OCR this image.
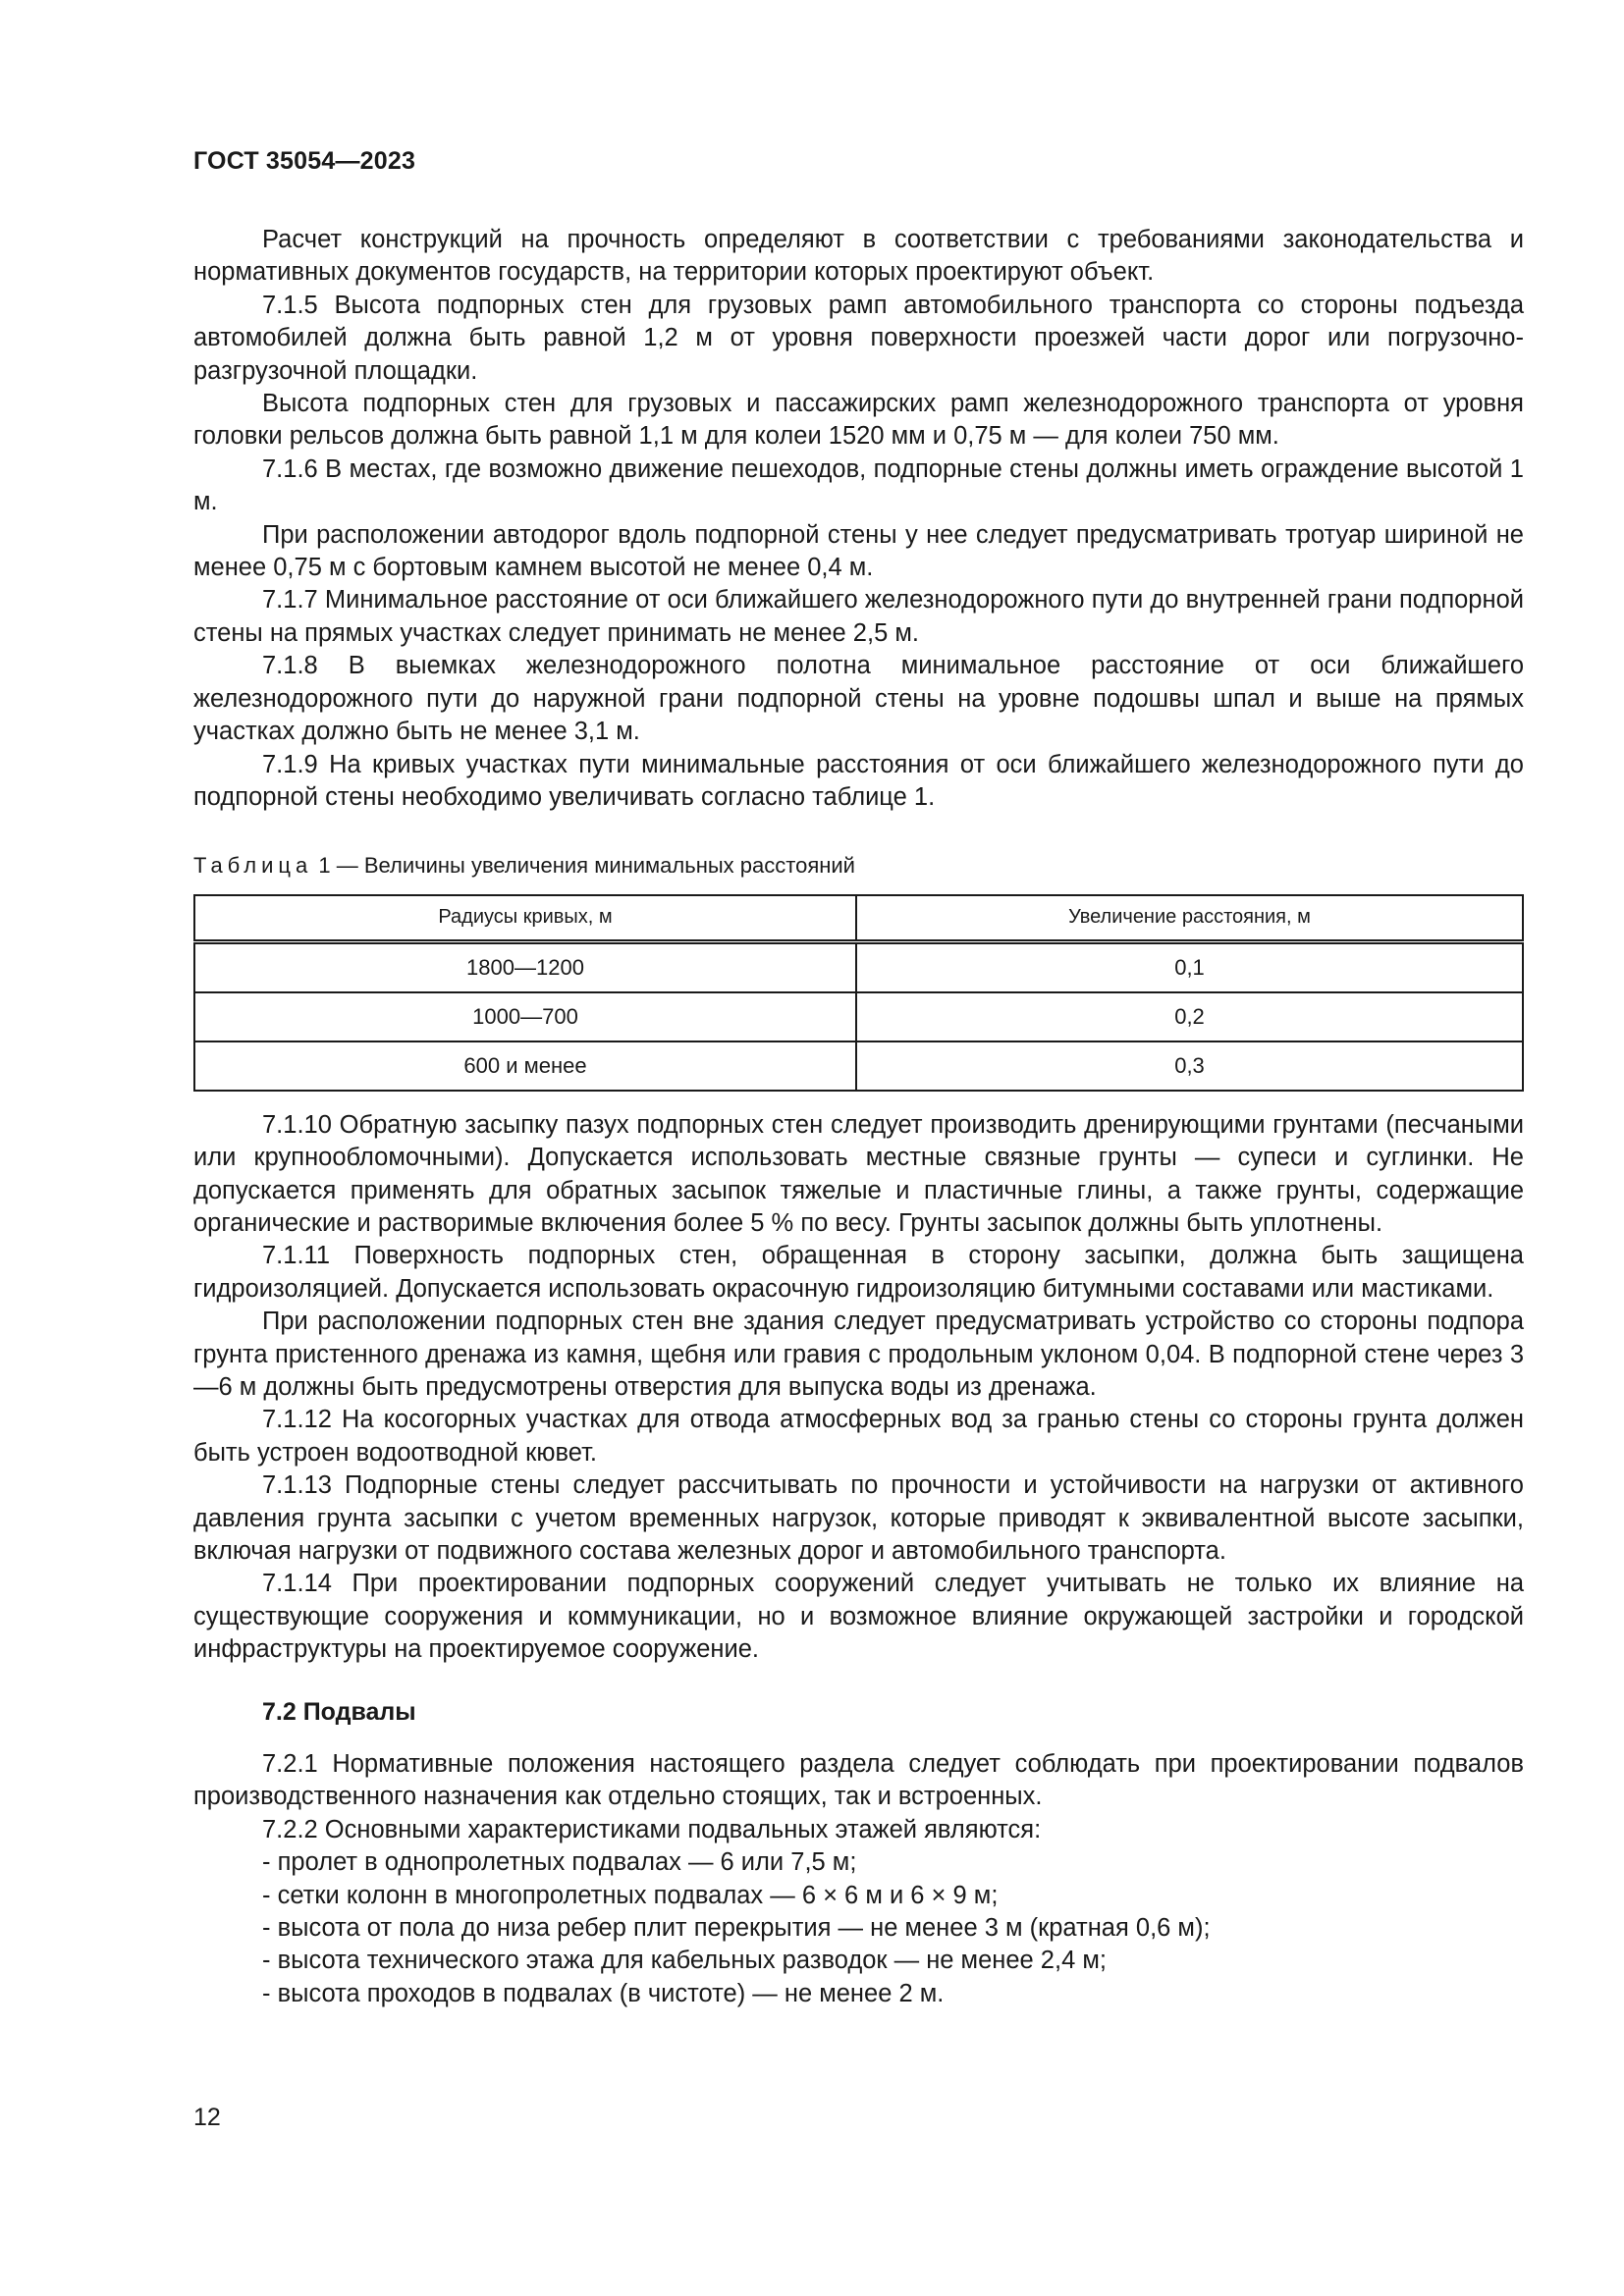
ГОСТ 35054—2023

Расчет конструкций на прочность определяют в соответствии с требованиями законодательства и нормативных документов государств, на территории которых проектируют объект.

7.1.5 Высота подпорных стен для грузовых рамп автомобильного транспорта со стороны подъезда автомобилей должна быть равной 1,2 м от уровня поверхности проезжей части дорог или погрузочно-разгрузочной площадки.

Высота подпорных стен для грузовых и пассажирских рамп железнодорожного транспорта от уровня головки рельсов должна быть равной 1,1 м для колеи 1520 мм и 0,75 м — для колеи 750 мм.

7.1.6 В местах, где возможно движение пешеходов, подпорные стены должны иметь ограждение высотой 1 м.

При расположении автодорог вдоль подпорной стены у нее следует предусматривать тротуар шириной не менее 0,75 м с бортовым камнем высотой не менее 0,4 м.

7.1.7 Минимальное расстояние от оси ближайшего железнодорожного пути до внутренней грани подпорной стены на прямых участках следует принимать не менее 2,5 м.

7.1.8 В выемках железнодорожного полотна минимальное расстояние от оси ближайшего железнодорожного пути до наружной грани подпорной стены на уровне подошвы шпал и выше на прямых участках должно быть не менее 3,1 м.

7.1.9 На кривых участках пути минимальные расстояния от оси ближайшего железнодорожного пути до подпорной стены необходимо увеличивать согласно таблице 1.

Таблица 1 — Величины увеличения минимальных расстояний
Радиусы кривых, м	Увеличение расстояния, м
1800—1200	0,1
1000—700	0,2
600 и менее	0,3

7.1.10 Обратную засыпку пазух подпорных стен следует производить дренирующими грунтами (песчаными или крупнообломочными). Допускается использовать местные связные грунты — супеси и суглинки. Не допускается применять для обратных засыпок тяжелые и пластичные глины, а также грунты, содержащие органические и растворимые включения более 5 % по весу. Грунты засыпок должны быть уплотнены.

7.1.11 Поверхность подпорных стен, обращенная в сторону засыпки, должна быть защищена гидроизоляцией. Допускается использовать окрасочную гидроизоляцию битумными составами или мастиками.

При расположении подпорных стен вне здания следует предусматривать устройство со стороны подпора грунта пристенного дренажа из камня, щебня или гравия с продольным уклоном 0,04. В подпорной стене через 3—6 м должны быть предусмотрены отверстия для выпуска воды из дренажа.

7.1.12 На косогорных участках для отвода атмосферных вод за гранью стены со стороны грунта должен быть устроен водоотводной кювет.

7.1.13 Подпорные стены следует рассчитывать по прочности и устойчивости на нагрузки от активного давления грунта засыпки с учетом временных нагрузок, которые приводят к эквивалентной высоте засыпки, включая нагрузки от подвижного состава железных дорог и автомобильного транспорта.

7.1.14 При проектировании подпорных сооружений следует учитывать не только их влияние на существующие сооружения и коммуникации, но и возможное влияние окружающей застройки и городской инфраструктуры на проектируемое сооружение.

7.2 Подвалы

7.2.1 Нормативные положения настоящего раздела следует соблюдать при проектировании подвалов производственного назначения как отдельно стоящих, так и встроенных.

7.2.2 Основными характеристиками подвальных этажей являются:

- пролет в однопролетных подвалах — 6 или 7,5 м;
- сетки колонн в многопролетных подвалах — 6 × 6 м и 6 × 9 м;
- высота от пола до низа ребер плит перекрытия — не менее 3 м (кратная 0,6 м);
- высота технического этажа для кабельных разводок — не менее 2,4 м;
- высота проходов в подвалах (в чистоте) — не менее 2 м.
12
